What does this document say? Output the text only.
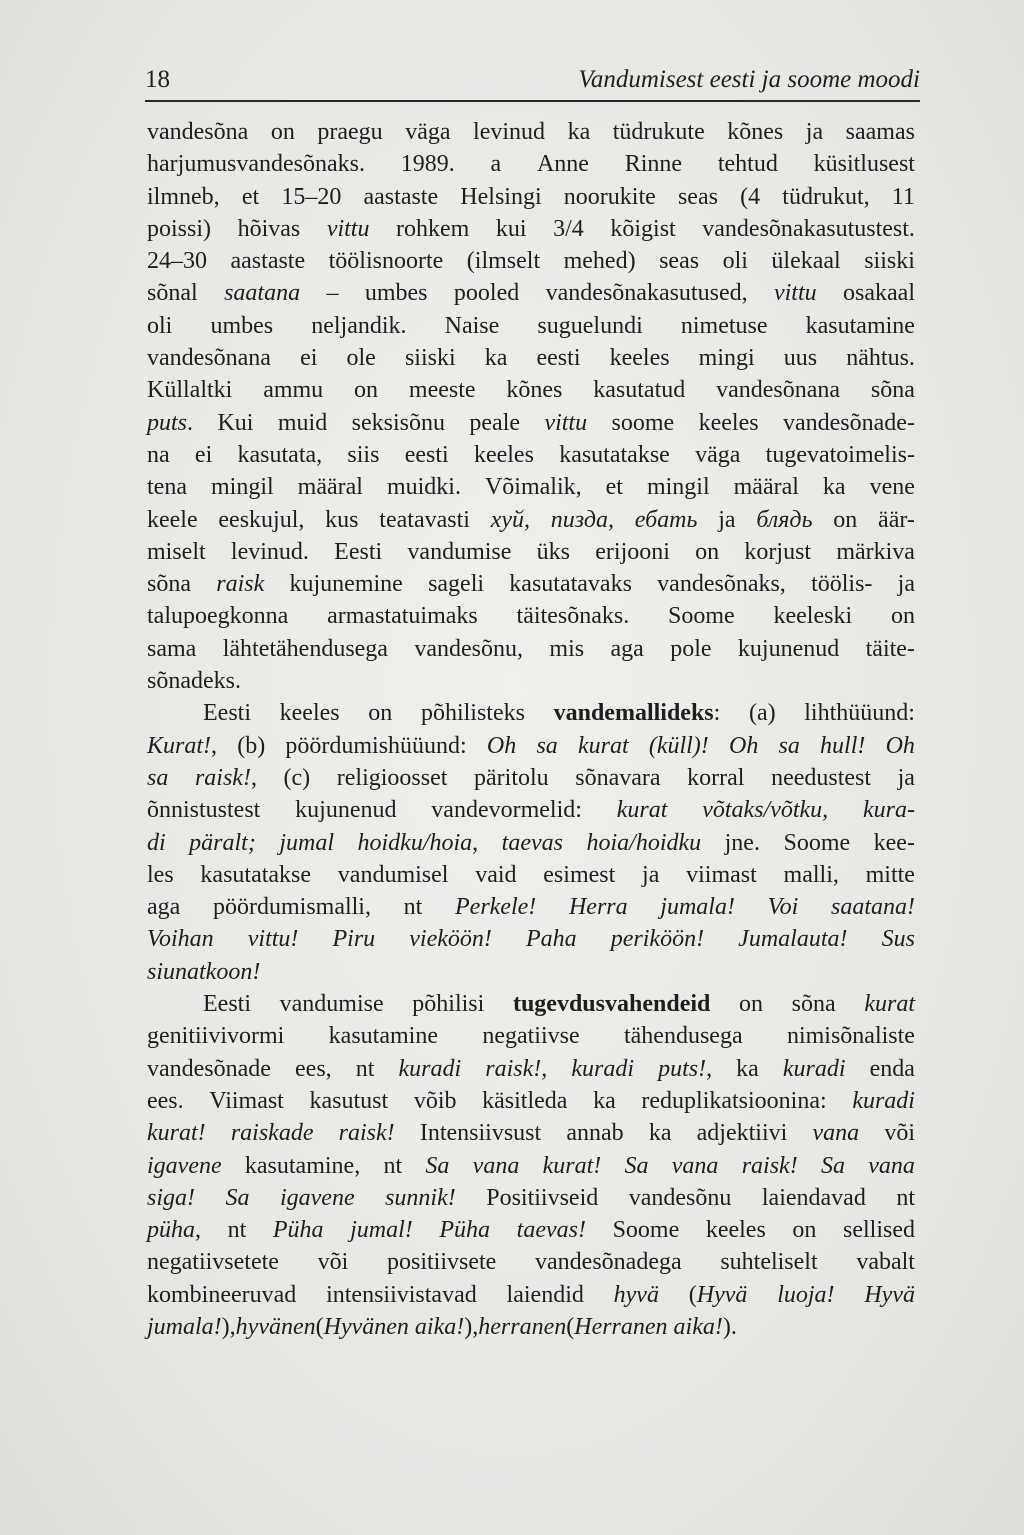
18	Vandumisest eesti ja soome moodi
vandesõna on praegu väga levinud ka tüdrukute kõnes ja saamas
harjumusvandesõnaks. 1989. a Anne Rinne tehtud küsitlusest
ilmneb, et 15–20 aastaste Helsingi noorukite seas (4 tüdrukut, 11
poissi) hõivas vittu rohkem kui 3/4 kõigist vandesõnakasutustest.
24–30 aastaste töölisnoorte (ilmselt mehed) seas oli ülekaal siiski
sõnal saatana – umbes pooled vandesõnakasutused, vittu osakaal
oli umbes neljandik. Naise suguelundi nimetuse kasutamine
vandesõnana ei ole siiski ka eesti keeles mingi uus nähtus.
Küllaltki ammu on meeste kõnes kasutatud vandesõnana sõna
puts. Kui muid seksisõnu peale vittu soome keeles vandesõnade-
na ei kasutata, siis eesti keeles kasutatakse väga tugevatoimelis-
tena mingil määral muidki. Võimalik, et mingil määral ka vene
keele eeskujul, kus teatavasti хуй, пизда, ебать ja блядь on äär-
miselt levinud. Eesti vandumise üks erijooni on korjust märkiva
sõna raisk kujunemine sageli kasutatavaks vandesõnaks, töölis- ja
talupoegkonna armastatuimaks täitesõnaks. Soome keeleski on
sama lähtetähendusega vandesõnu, mis aga pole kujunenud täite-
sõnadeks.
Eesti keeles on põhilisteks vandemallideks: (a) lihthüüund:
Kurat!, (b) pöördumishüüund: Oh sa kurat (küll)! Oh sa hull! Oh
sa raisk!, (c) religioosset päritolu sõnavara korral needustest ja
õnnistustest kujunenud vandevormelid: kurat võtaks/võtku, kura-
di päralt; jumal hoidku/hoia, taevas hoia/hoidku jne. Soome kee-
les kasutatakse vandumisel vaid esimest ja viimast malli, mitte
aga pöördumismalli, nt Perkele! Herra jumala! Voi saatana!
Voihan vittu! Piru vieköön! Paha periköön! Jumalauta! Sus
siunatkoon!
Eesti vandumise põhilisi tugevdusvahendeid on sõna kurat
genitiivivormi kasutamine negatiivse tähendusega nimisõnaliste
vandesõnade ees, nt kuradi raisk!, kuradi puts!, ka kuradi enda
ees. Viimast kasutust võib käsitleda ka reduplikatsioonina: kuradi
kurat! raiskade raisk! Intensiivsust annab ka adjektiivi vana või
igavene kasutamine, nt Sa vana kurat! Sa vana raisk! Sa vana
siga! Sa igavene sunnik! Positiivseid vandesõnu laiendavad nt
püha, nt Püha jumal! Püha taevas! Soome keeles on sellised
negatiivsetete või positiivsete vandesõnadega suhteliselt vabalt
kombineeruvad intensiivistavad laiendid hyvä (Hyvä luoja! Hyvä
jumala! ), hyvänen ( Hyvänen aika! ), herranen ( Herranen aika! ).
